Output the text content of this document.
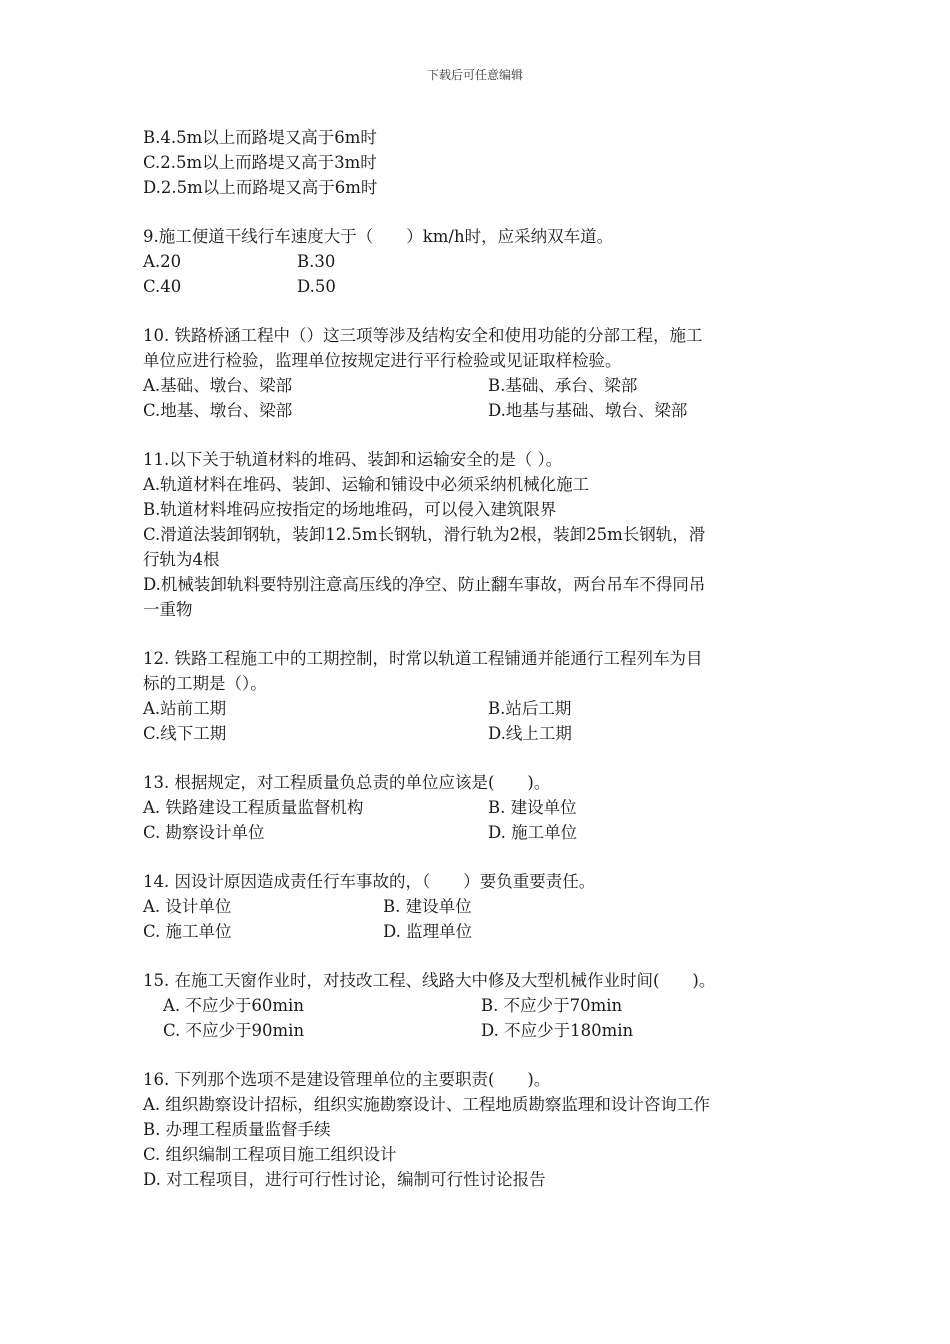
下载后可任意编辑
B.4.5m以上而路堤又高于6m时
C.2.5m以上而路堤又高于3m时
D.2.5m以上而路堤又高于6m时
9.施工便道干线行车速度大于（　　）km/h时，应采纳双车道。
A.20	B.30
C.40	D.50
10. 铁路桥涵工程中（）这三项等涉及结构安全和使用功能的分部工程，施工
单位应进行检验，监理单位按规定进行平行检验或见证取样检验。
A.基础、墩台、梁部	B.基础、承台、梁部
C.地基、墩台、梁部	D.地基与基础、墩台、梁部
11.以下关于轨道材料的堆码、装卸和运输安全的是（ ）。
A.轨道材料在堆码、装卸、运输和铺设中必须采纳机械化施工
B.轨道材料堆码应按指定的场地堆码，可以侵入建筑限界
C.滑道法装卸钢轨，装卸12.5m长钢轨，滑行轨为2根，装卸25m长钢轨，滑
行轨为4根
D.机械装卸轨料要特别注意高压线的净空、防止翻车事故，两台吊车不得同吊
一重物
12. 铁路工程施工中的工期控制，时常以轨道工程铺通并能通行工程列车为目
标的工期是（）。
A.站前工期	B.站后工期
C.线下工期	D.线上工期
13. 根据规定，对工程质量负总责的单位应该是(　　)。
A. 铁路建设工程质量监督机构	B. 建设单位
C. 勘察设计单位	D. 施工单位
14. 因设计原因造成责任行车事故的，（　　）要负重要责任。
A. 设计单位	B. 建设单位
C. 施工单位	D. 监理单位
15. 在施工天窗作业时，对技改工程、线路大中修及大型机械作业时间(　　)。
A. 不应少于60min	B. 不应少于70min
C. 不应少于90min	D. 不应少于180min
16. 下列那个选项不是建设管理单位的主要职责(　　)。
A. 组织勘察设计招标，组织实施勘察设计、工程地质勘察监理和设计咨询工作
B. 办理工程质量监督手续
C. 组织编制工程项目施工组织设计
D. 对工程项目，进行可行性讨论，编制可行性讨论报告
